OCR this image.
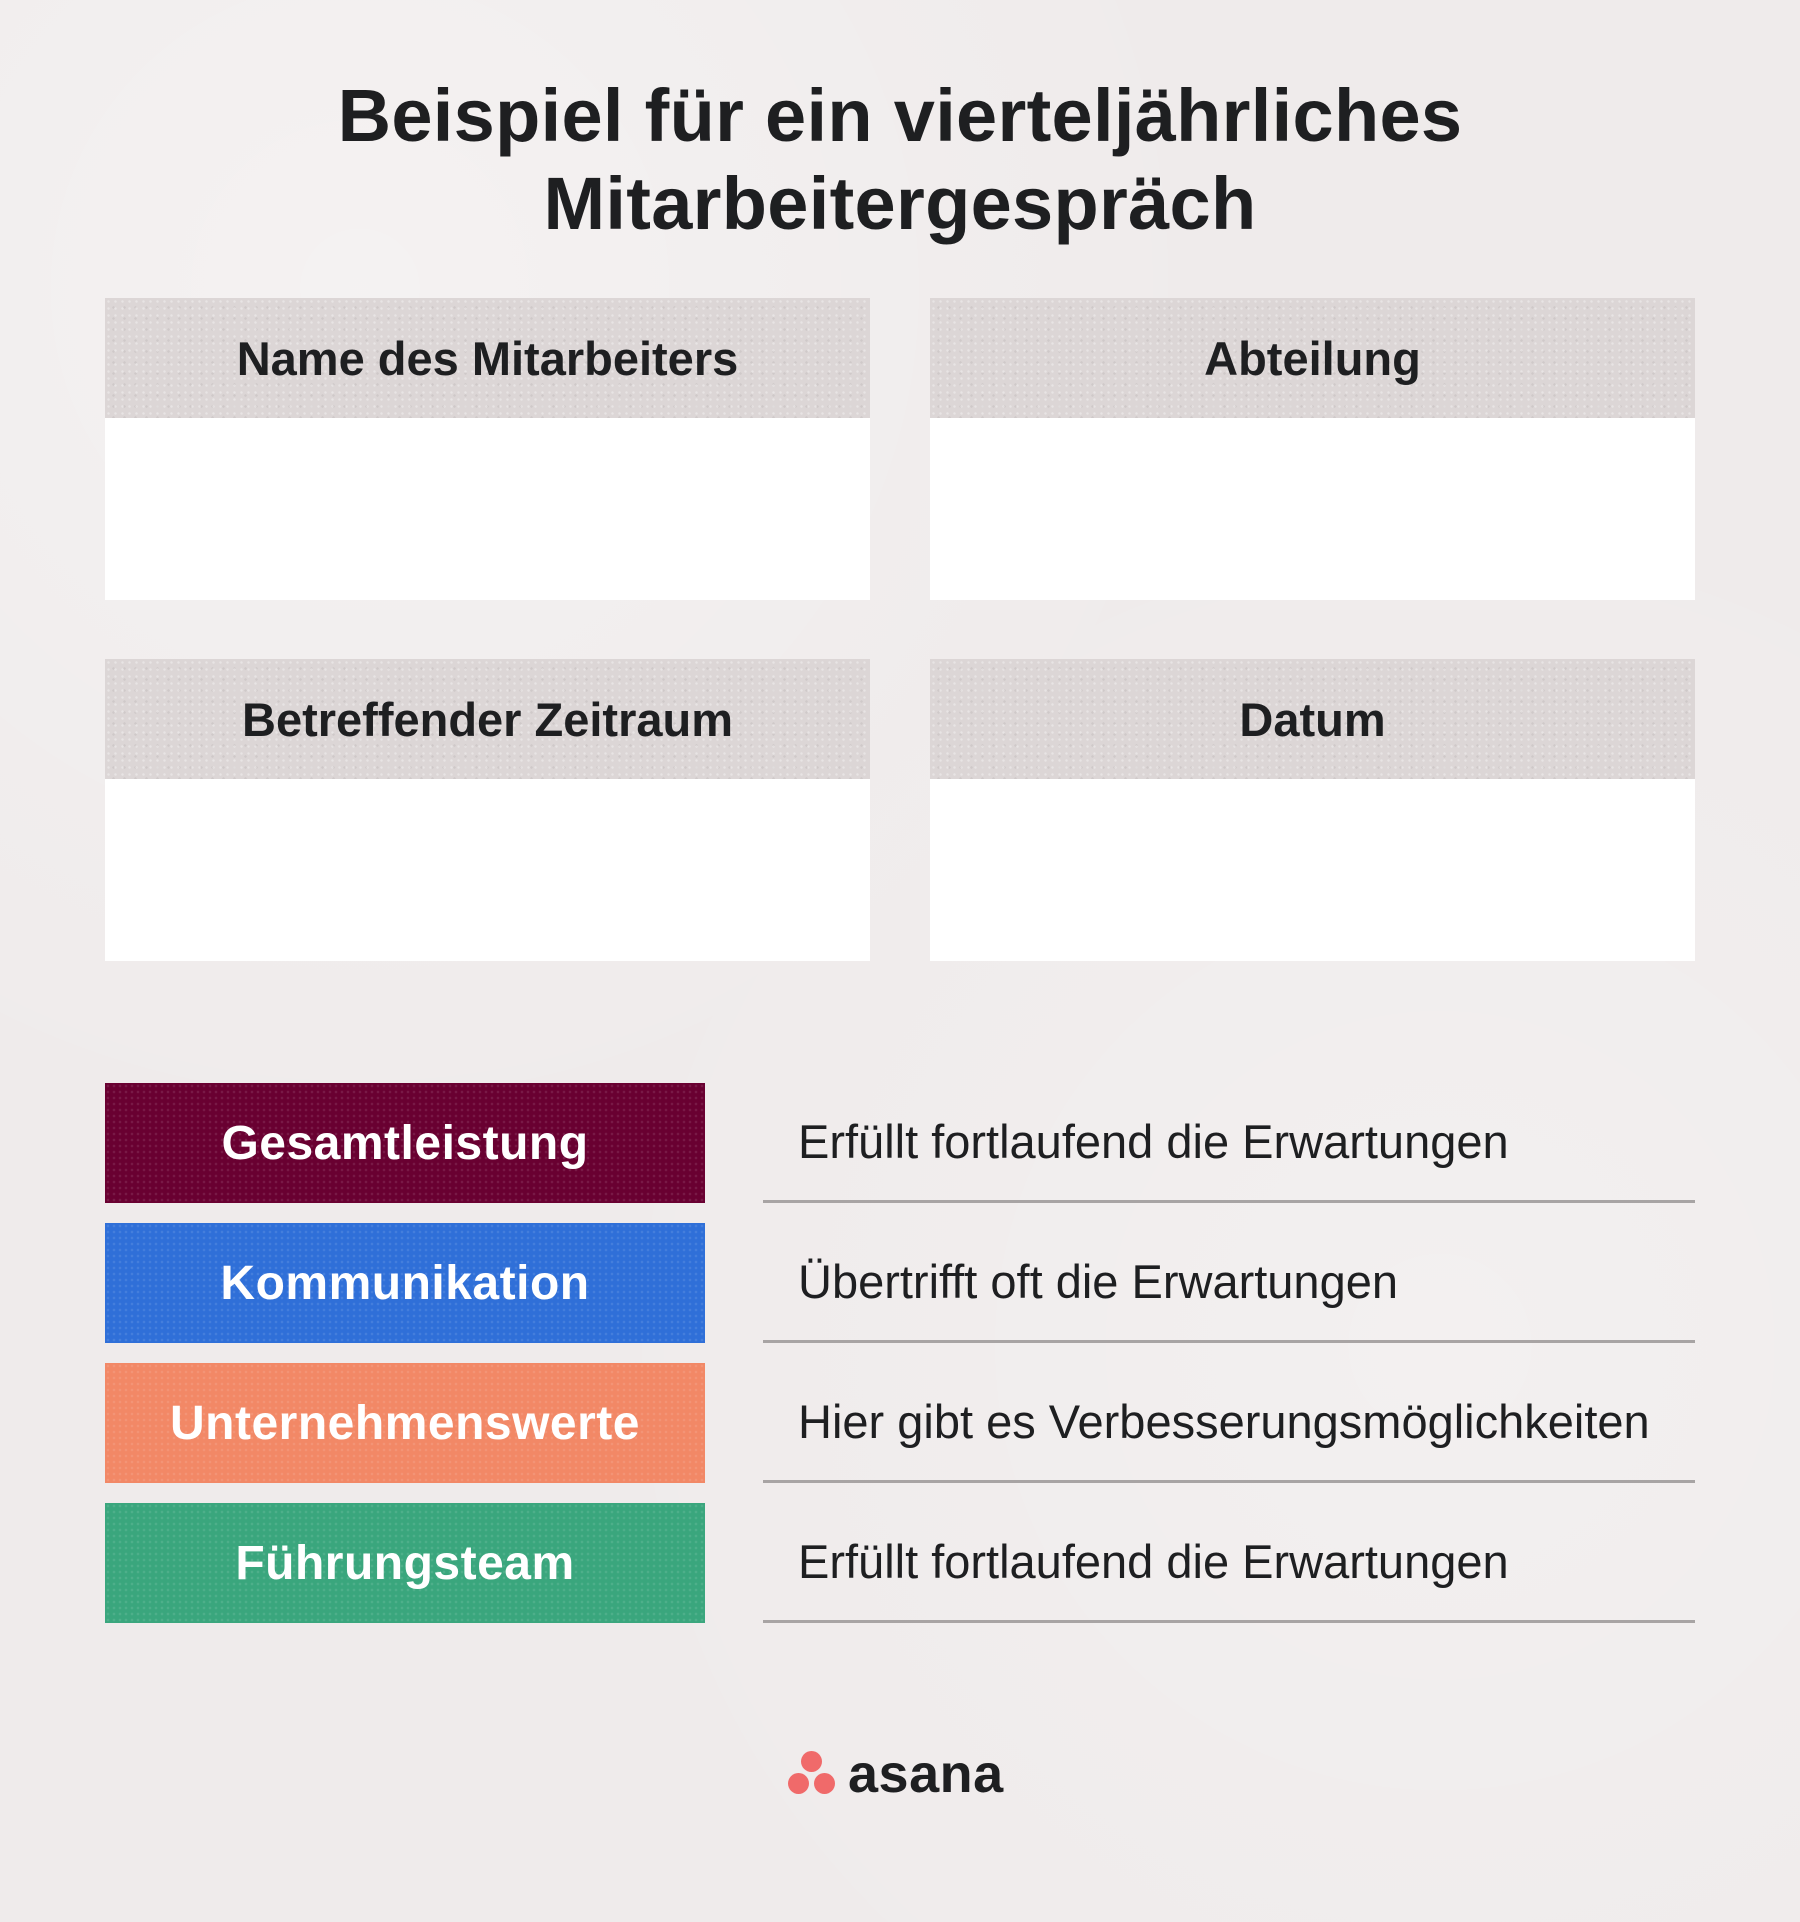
Beispiel für ein vierteljährliches
Mitarbeitergespräch
Name des Mitarbeiters	Abteilung
Betreffender Zeitraum	Datum
Gesamtleistung	Erfüllt fortlaufend die Erwartungen
Kommunikation	Übertrifft oft die Erwartungen
Unternehmenswerte	Hier gibt es Verbesserungsmöglichkeiten
Führungsteam	Erfüllt fortlaufend die Erwartungen
asana
